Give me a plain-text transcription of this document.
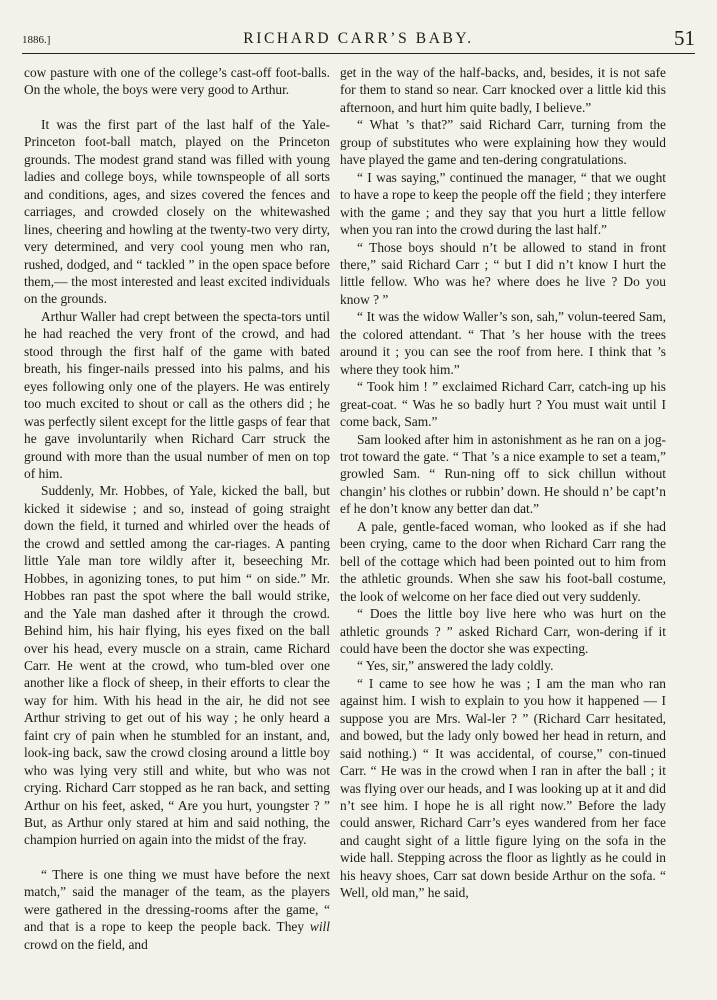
1886.]	RICHARD CARR’S BABY.	51

cow pasture with one of the college’s cast-off foot-balls. On the whole, the boys were very good to Arthur.

It was the first part of the last half of the Yale-Princeton foot-ball match, played on the Princeton grounds. The modest grand stand was filled with young ladies and college boys, while townspeople of all sorts and conditions, ages, and sizes covered the fences and carriages, and crowded closely on the whitewashed lines, cheering and howling at the twenty-two very dirty, very determined, and very cool young men who ran, rushed, dodged, and “ tackled ” in the open space before them,— the most interested and least excited individuals on the grounds.

Arthur Waller had crept between the specta-tors until he had reached the very front of the crowd, and had stood through the first half of the game with bated breath, his finger-nails pressed into his palms, and his eyes following only one of the players. He was entirely too much excited to shout or call as the others did ; he was perfectly silent except for the little gasps of fear that he gave involuntarily when Richard Carr struck the ground with more than the usual number of men on top of him.

Suddenly, Mr. Hobbes, of Yale, kicked the ball, but kicked it sidewise ; and so, instead of going straight down the field, it turned and whirled over the heads of the crowd and settled among the car-riages. A panting little Yale man tore wildly after it, beseeching Mr. Hobbes, in agonizing tones, to put him “ on side.” Mr. Hobbes ran past the spot where the ball would strike, and the Yale man dashed after it through the crowd. Behind him, his hair flying, his eyes fixed on the ball over his head, every muscle on a strain, came Richard Carr. He went at the crowd, who tum-bled over one another like a flock of sheep, in their efforts to clear the way for him. With his head in the air, he did not see Arthur striving to get out of his way ; he only heard a faint cry of pain when he stumbled for an instant, and, look-ing back, saw the crowd closing around a little boy who was lying very still and white, but who was not crying. Richard Carr stopped as he ran back, and setting Arthur on his feet, asked, “ Are you hurt, youngster ? ” But, as Arthur only stared at him and said nothing, the champion hurried on again into the midst of the fray.

“ There is one thing we must have before the next match,” said the manager of the team, as the players were gathered in the dressing-rooms after the game, “ and that is a rope to keep the people back. They will crowd on the field, and

get in the way of the half-backs, and, besides, it is not safe for them to stand so near. Carr knocked over a little kid this afternoon, and hurt him quite badly, I believe.”

“ What ’s that?” said Richard Carr, turning from the group of substitutes who were explaining how they would have played the game and ten-dering congratulations.

“ I was saying,” continued the manager, “ that we ought to have a rope to keep the people off the field ; they interfere with the game ; and they say that you hurt a little fellow when you ran into the crowd during the last half.”

“ Those boys should n’t be allowed to stand in front there,” said Richard Carr ; “ but I did n’t know I hurt the little fellow. Who was he? where does he live ? Do you know ? ”

“ It was the widow Waller’s son, sah,” volun-teered Sam, the colored attendant. “ That ’s her house with the trees around it ; you can see the roof from here. I think that ’s where they took him.”

“ Took him ! ” exclaimed Richard Carr, catch-ing up his great-coat. “ Was he so badly hurt ? You must wait until I come back, Sam.”

Sam looked after him in astonishment as he ran on a jog-trot toward the gate. “ That ’s a nice example to set a team,” growled Sam. “ Run-ning off to sick chillun without changin’ his clothes or rubbin’ down. He should n’ be capt’n ef he don’t know any better dan dat.”

A pale, gentle-faced woman, who looked as if she had been crying, came to the door when Richard Carr rang the bell of the cottage which had been pointed out to him from the athletic grounds. When she saw his foot-ball costume, the look of welcome on her face died out very suddenly.

“ Does the little boy live here who was hurt on the athletic grounds ? ” asked Richard Carr, won-dering if it could have been the doctor she was expecting.

“ Yes, sir,” answered the lady coldly.

“ I came to see how he was ; I am the man who ran against him. I wish to explain to you how it happened — I suppose you are Mrs. Wal-ler ? ” (Richard Carr hesitated, and bowed, but the lady only bowed her head in return, and said nothing.) “ It was accidental, of course,” con-tinued Carr. “ He was in the crowd when I ran in after the ball ; it was flying over our heads, and I was looking up at it and did n’t see him. I hope he is all right now.” Before the lady could answer, Richard Carr’s eyes wandered from her face and caught sight of a little figure lying on the sofa in the wide hall. Stepping across the floor as lightly as he could in his heavy shoes, Carr sat down beside Arthur on the sofa. “ Well, old man,” he said,
